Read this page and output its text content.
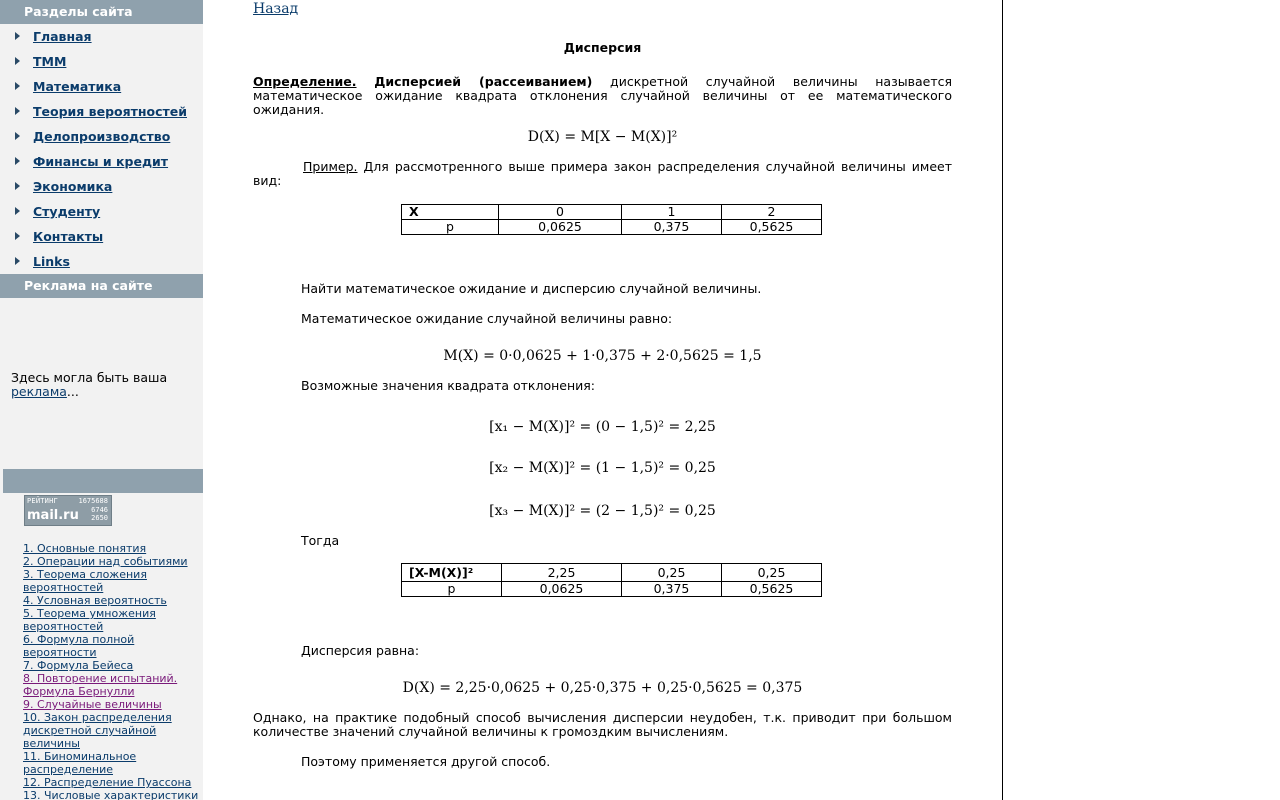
Разделы сайта
Главная
ТММ
Математика
Теория вероятностей
Делопроизводство
Финансы и кредит
Экономика
Студенту
Контакты
Links
Реклама на сайте
Здесь могла быть ваша
реклама...
РЕЙТИНГ	1675688
mail.ru 6746
2650
1. Основные понятия
2. Операции над событиями
3. Теорема сложения вероятностей
4. Условная вероятность
5. Теорема умножения вероятностей
6. Формула полной вероятности
7. Формула Бейеса
8. Повторение испытаний. Формула Бернулли
9. Случайные величины
10. Закон распределения дискретной случайной величины
11. Биноминальное распределение
12. Распределение Пуассона
13. Числовые характеристики
Назад
Дисперсия
Определение. Дисперсией (рассеиванием) дискретной случайной величины называется математическое ожидание квадрата отклонения случайной величины от ее математического ожидания.
D(X) = M[X − M(X)]²
Пример. Для рассмотренного выше примера закон распределения случайной величины имеет вид:
X	0	1	2
p	0,0625	0,375	0,5625
Найти математическое ожидание и дисперсию случайной величины.
Математическое ожидание случайной величины равно:
M(X) = 0·0,0625 + 1·0,375 + 2·0,5625 = 1,5
Возможные значения квадрата отклонения:
[x₁ − M(X)]² = (0 − 1,5)² = 2,25
[x₂ − M(X)]² = (1 − 1,5)² = 0,25
[x₃ − M(X)]² = (2 − 1,5)² = 0,25
Тогда
[X-M(X)]²	2,25	0,25	0,25
p	0,0625	0,375	0,5625
Дисперсия равна:
D(X) = 2,25·0,0625 + 0,25·0,375 + 0,25·0,5625 = 0,375
Однако, на практике подобный способ вычисления дисперсии неудобен, т.к. приводит при большом количестве значений случайной величины к громоздким вычислениям.
Поэтому применяется другой способ.
